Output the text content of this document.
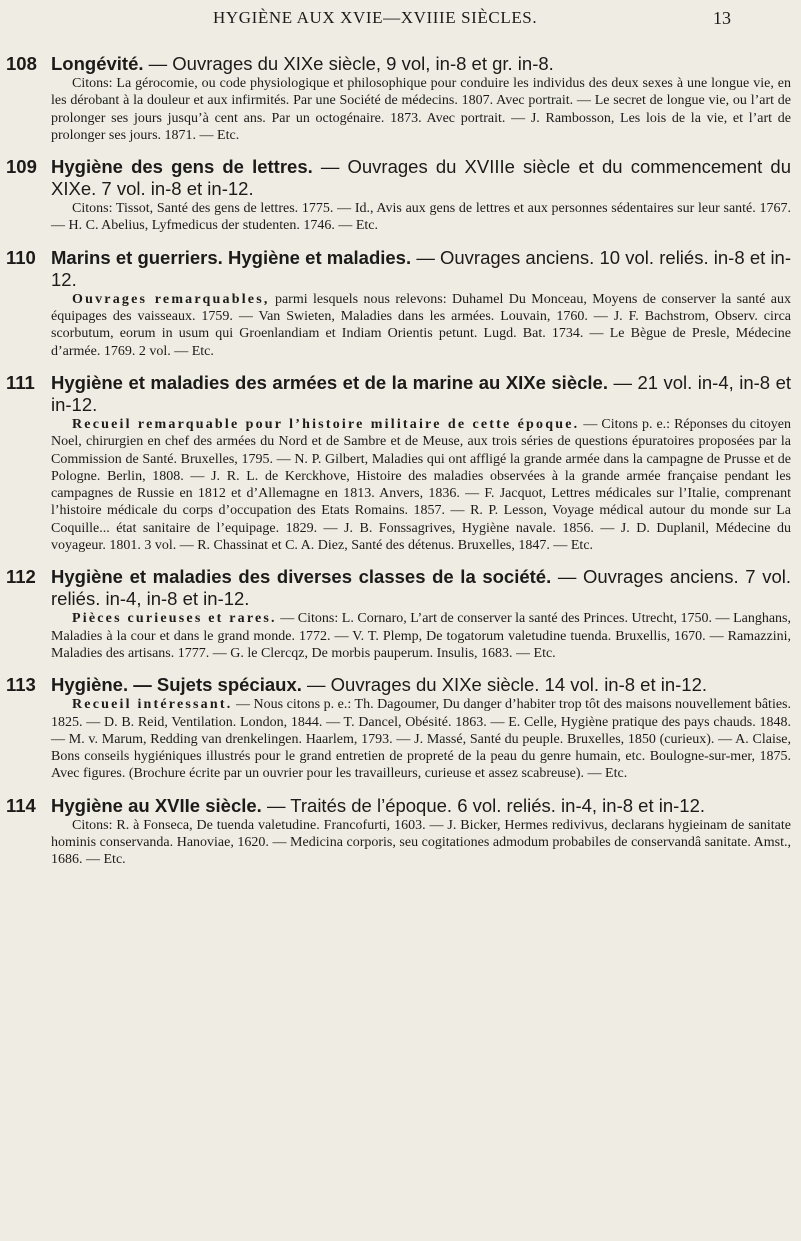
HYGIÈNE AUX XVIE—XVIIIE SIÈCLES.	13
108 Longévité. — Ouvrages du XIXe siècle, 9 vol, in-8 et gr. in-8.
Citons: La gérocomie, ou code physiologique et philosophique pour conduire les individus des deux sexes à une longue vie, en les dérobant à la douleur et aux infirmités. Par une Société de médecins. 1807. Avec portrait. — Le secret de longue vie, ou l’art de prolonger ses jours jusqu’à cent ans. Par un octogénaire. 1873. Avec portrait. — J. Rambosson, Les lois de la vie, et l’art de prolonger ses jours. 1871. — Etc.
109 Hygiène des gens de lettres. — Ouvrages du XVIIIe siècle et du commencement du XIXe. 7 vol. in-8 et in-12.
Citons: Tissot, Santé des gens de lettres. 1775. — Id., Avis aux gens de lettres et aux personnes sédentaires sur leur santé. 1767. — H. C. Abelius, Lyfmedicus der studenten. 1746. — Etc.
110 Marins et guerriers. Hygiène et maladies. — Ouvrages anciens. 10 vol. reliés. in-8 et in-12.
Ouvrages remarquables, parmi lesquels nous relevons: Duhamel Du Monceau, Moyens de conserver la santé aux équipages des vaisseaux. 1759. — Van Swieten, Maladies dans les armées. Louvain, 1760. — J. F. Bachstrom, Observ. circa scorbutum, eorum in usum qui Groenlandiam et Indiam Orientis petunt. Lugd. Bat. 1734. — Le Bègue de Presle, Médecine d’armée. 1769. 2 vol. — Etc.
111 Hygiène et maladies des armées et de la marine au XIXe siècle. — 21 vol. in-4, in-8 et in-12.
Recueil remarquable pour l’histoire militaire de cette époque. — Citons p. e.: Réponses du citoyen Noel, chirurgien en chef des armées du Nord et de Sambre et de Meuse, aux trois séries de questions épuratoires proposées par la Commission de Santé. Bruxelles, 1795. — N. P. Gilbert, Maladies qui ont affligé la grande armée dans la campagne de Prusse et de Pologne. Berlin, 1808. — J. R. L. de Kerckhove, Histoire des maladies observées à la grande armée française pendant les campagnes de Russie en 1812 et d’Allemagne en 1813. Anvers, 1836. — F. Jacquot, Lettres médicales sur l’Italie, comprenant l’histoire médicale du corps d’occupation des Etats Romains. 1857. — R. P. Lesson, Voyage médical autour du monde sur La Coquille... état sanitaire de l’equipage. 1829. — J. B. Fonssagrives, Hygiène navale. 1856. — J. D. Duplanil, Médecine du voyageur. 1801. 3 vol. — R. Chassinat et C. A. Diez, Santé des détenus. Bruxelles, 1847. — Etc.
112 Hygiène et maladies des diverses classes de la société. — Ouvrages anciens. 7 vol. reliés. in-4, in-8 et in-12.
Pièces curieuses et rares. — Citons: L. Cornaro, L’art de conserver la santé des Princes. Utrecht, 1750. — Langhans, Maladies à la cour et dans le grand monde. 1772. — V. T. Plemp, De togatorum valetudine tuenda. Bruxellis, 1670. — Ramazzini, Maladies des artisans. 1777. — G. le Clercqz, De morbis pauperum. Insulis, 1683. — Etc.
113 Hygiène. — Sujets spéciaux. — Ouvrages du XIXe siècle. 14 vol. in-8 et in-12.
Recueil intéressant. — Nous citons p. e.: Th. Dagoumer, Du danger d’habiter trop tôt des maisons nouvellement bâties. 1825. — D. B. Reid, Ventilation. London, 1844. — T. Dancel, Obésité. 1863. — E. Celle, Hygiène pratique des pays chauds. 1848. — M. v. Marum, Redding van drenkelingen. Haarlem, 1793. — J. Massé, Santé du peuple. Bruxelles, 1850 (curieux). — A. Claise, Bons conseils hygiéniques illustrés pour le grand entretien de propreté de la peau du genre humain, etc. Boulogne-sur-mer, 1875. Avec figures. (Brochure écrite par un ouvrier pour les travailleurs, curieuse et assez scabreuse). — Etc.
114 Hygiène au XVIIe siècle. — Traités de l’époque. 6 vol. reliés. in-4, in-8 et in-12.
Citons: R. à Fonseca, De tuenda valetudine. Francofurti, 1603. — J. Bicker, Hermes redivivus, declarans hygieinam de sanitate hominis conservanda. Hanoviae, 1620. — Medicina corporis, seu cogitationes admodum probabiles de conservandâ sanitate. Amst., 1686. — Etc.
